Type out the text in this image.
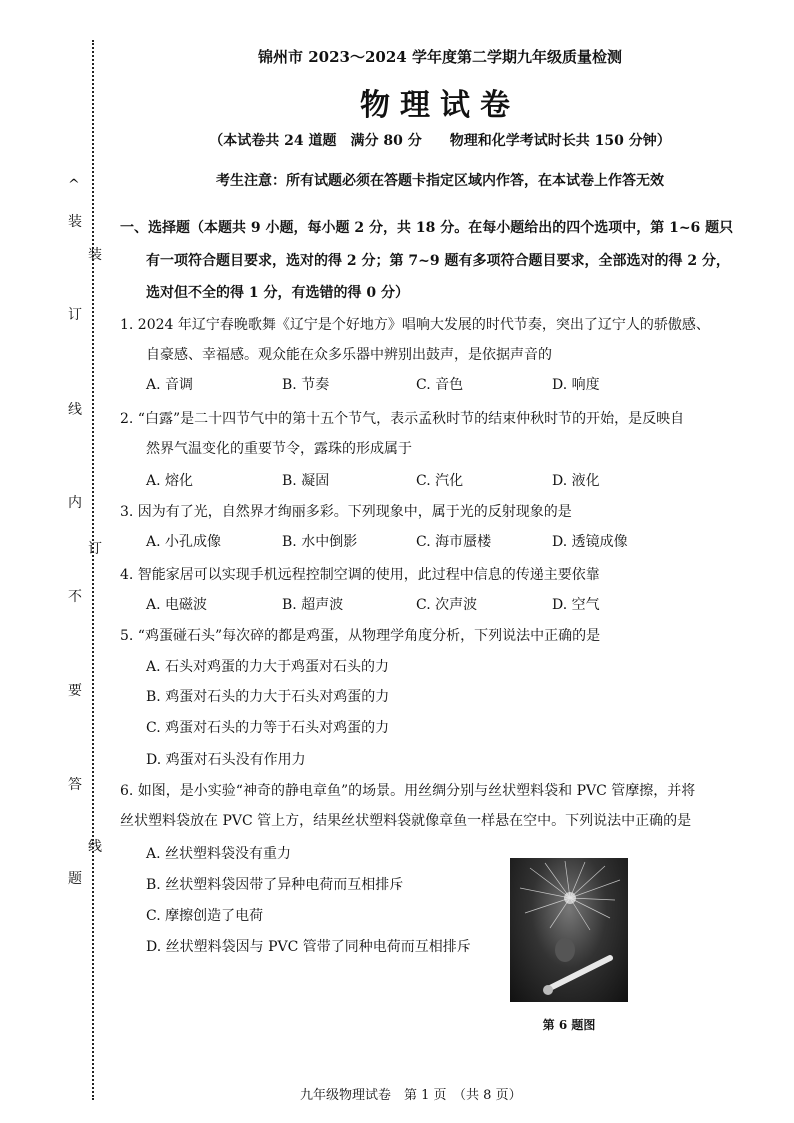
^
装
订
线
内
不
要
答
题
装
订
线
锦州市 2023～2024 学年度第二学期九年级质量检测
物理试卷
（本试卷共 24 道题　满分 80 分　　物理和化学考试时长共 150 分钟）
考生注意：所有试题必须在答题卡指定区域内作答，在本试卷上作答无效
一、选择题（本题共 9 小题，每小题 2 分，共 18 分。在每小题给出的四个选项中，第 1~6 题只
有一项符合题目要求，选对的得 2 分；第 7~9 题有多项符合题目要求，全部选对的得 2 分，
选对但不全的得 1 分，有选错的得 0 分）
1. 2024 年辽宁春晚歌舞《辽宁是个好地方》唱响大发展的时代节奏，突出了辽宁人的骄傲感、
自豪感、幸福感。观众能在众多乐器中辨别出鼓声，是依据声音的
A. 音调	B. 节奏	C. 音色	D. 响度
2. “白露”是二十四节气中的第十五个节气，表示孟秋时节的结束仲秋时节的开始，是反映自
然界气温变化的重要节令，露珠的形成属于
A. 熔化	B. 凝固	C. 汽化	D. 液化
3. 因为有了光，自然界才绚丽多彩。下列现象中，属于光的反射现象的是
A. 小孔成像	B. 水中倒影	C. 海市蜃楼	D. 透镜成像
4. 智能家居可以实现手机远程控制空调的使用，此过程中信息的传递主要依靠
A. 电磁波	B. 超声波	C. 次声波	D. 空气
5. “鸡蛋碰石头”每次碎的都是鸡蛋，从物理学角度分析，下列说法中正确的是
A. 石头对鸡蛋的力大于鸡蛋对石头的力
B. 鸡蛋对石头的力大于石头对鸡蛋的力
C. 鸡蛋对石头的力等于石头对鸡蛋的力
D. 鸡蛋对石头没有作用力
6. 如图，是小实验“神奇的静电章鱼”的场景。用丝绸分别与丝状塑料袋和 PVC 管摩擦，并将
丝状塑料袋放在 PVC 管上方，结果丝状塑料袋就像章鱼一样悬在空中。下列说法中正确的是
A. 丝状塑料袋没有重力
B. 丝状塑料袋因带了异种电荷而互相排斥
C. 摩擦创造了电荷
D. 丝状塑料袋因与 PVC 管带了同种电荷而互相排斥
第 6 题图
九年级物理试卷　第 1 页　（共 8 页）
